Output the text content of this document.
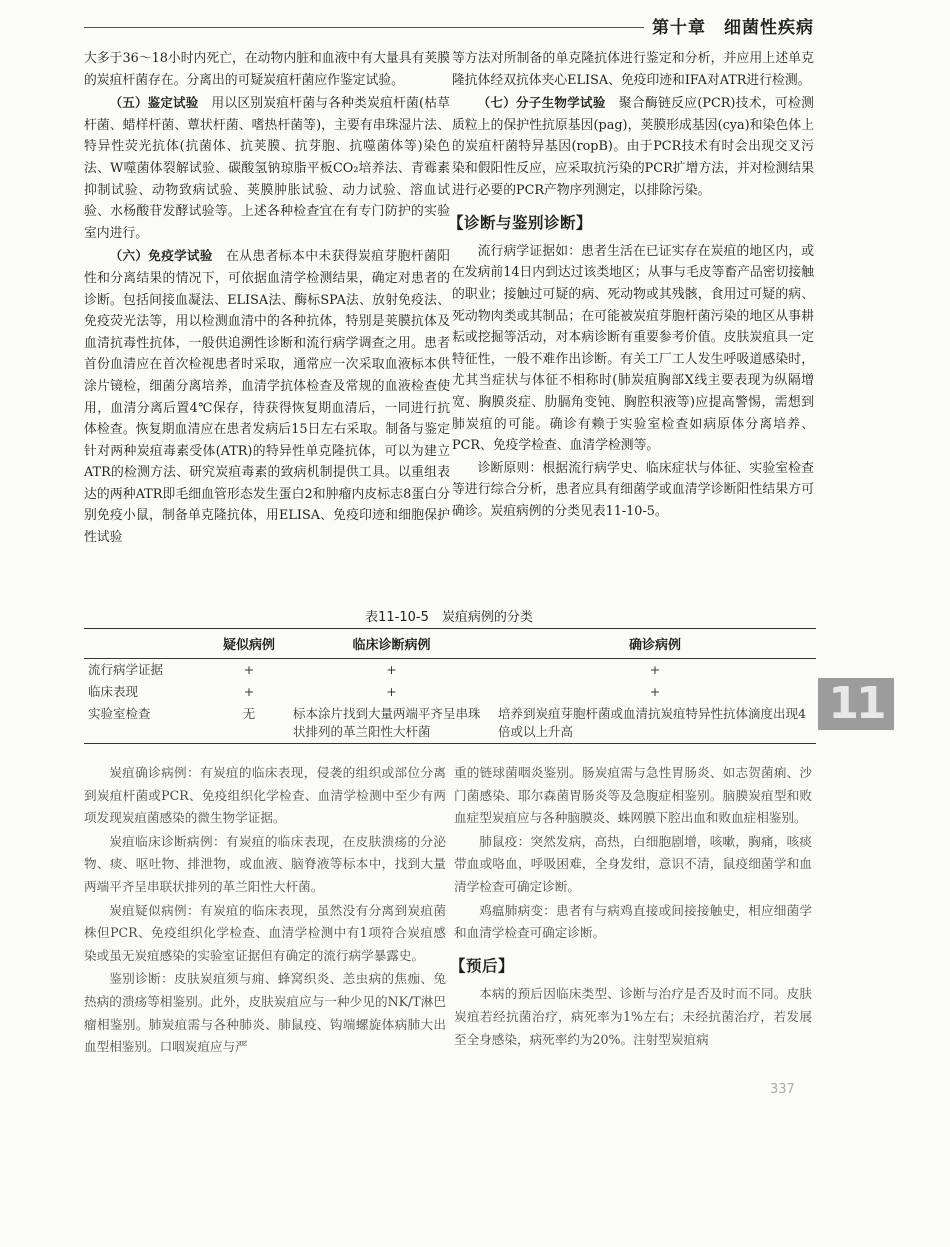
第十章　细菌性疾病

大多于36～18小时内死亡，在动物内脏和血液中有大量具有荚膜的炭疽杆菌存在。分离出的可疑炭疽杆菌应作鉴定试验。

（五）鉴定试验　用以区别炭疽杆菌与各种类炭疽杆菌(枯草杆菌、蜡样杆菌、蕈状杆菌、嗜热杆菌等)，主要有串珠湿片法、特异性荧光抗体(抗菌体、抗荚膜、抗芽胞、抗噬菌体等)染色法、W噬菌体裂解试验、碳酸氢钠琼脂平板CO₂培养法、青霉素抑制试验、动物致病试验、荚膜肿胀试验、动力试验、溶血试验、水杨酸苷发酵试验等。上述各种检查宜在有专门防护的实验室内进行。

（六）免疫学试验　在从患者标本中未获得炭疽芽胞杆菌阳性和分离结果的情况下，可依据血清学检测结果，确定对患者的诊断。包括间接血凝法、ELISA法、酶标SPA法、放射免疫法、免疫荧光法等，用以检测血清中的各种抗体，特别是荚膜抗体及血清抗毒性抗体，一般供追溯性诊断和流行病学调查之用。患者首份血清应在首次检视患者时采取，通常应一次采取血液标本供涂片镜检，细菌分离培养，血清学抗体检查及常规的血液检查使用，血清分离后置4℃保存，待获得恢复期血清后，一同进行抗体检查。恢复期血清应在患者发病后15日左右采取。制备与鉴定针对两种炭疽毒素受体(ATR)的特异性单克隆抗体，可以为建立ATR的检测方法、研究炭疽毒素的致病机制提供工具。以重组表达的两种ATR即毛细血管形态发生蛋白2和肿瘤内皮标志8蛋白分别免疫小鼠，制备单克隆抗体，用ELISA、免疫印迹和细胞保护性试验

等方法对所制备的单克隆抗体进行鉴定和分析，并应用上述单克隆抗体经双抗体夹心ELISA、免疫印迹和IFA对ATR进行检测。

（七）分子生物学试验　聚合酶链反应(PCR)技术，可检测质粒上的保护性抗原基因(pag)，荚膜形成基因(cya)和染色体上的炭疽杆菌特异基因(ropB)。由于PCR技术有时会出现交叉污染和假阳性反应，应采取抗污染的PCR扩增方法，并对检测结果进行必要的PCR产物序列测定，以排除污染。

【诊断与鉴别诊断】

流行病学证据如：患者生活在已证实存在炭疽的地区内，或在发病前14日内到达过该类地区；从事与毛皮等畜产品密切接触的职业；接触过可疑的病、死动物或其残骸，食用过可疑的病、死动物肉类或其制品；在可能被炭疽芽胞杆菌污染的地区从事耕耘或挖掘等活动，对本病诊断有重要参考价值。皮肤炭疽具一定特征性，一般不难作出诊断。有关工厂工人发生呼吸道感染时，尤其当症状与体征不相称时(肺炭疽胸部X线主要表现为纵隔增宽、胸膜炎症、肋膈角变钝、胸腔积液等)应提高警惕，需想到肺炭疽的可能。确诊有赖于实验室检查如病原体分离培养、PCR、免疫学检查、血清学检测等。

诊断原则：根据流行病学史、临床症状与体征、实验室检查等进行综合分析，患者应具有细菌学或血清学诊断阳性结果方可确诊。炭疽病例的分类见表11-10-5。

表11-10-5　炭疽病例的分类
	疑似病例	临床诊断病例	确诊病例
流行病学证据	+	+	+
临床表现	+	+	+
实验室检查	无	标本涂片找到大量两端平齐呈串珠状排列的革兰阳性大杆菌	培养到炭疽芽胞杆菌或血清抗炭疽特异性抗体滴度出现4倍或以上升高
11

炭疽确诊病例：有炭疽的临床表现，侵袭的组织或部位分离到炭疽杆菌或PCR、免疫组织化学检查、血清学检测中至少有两项发现炭疽菌感染的微生物学证据。

炭疽临床诊断病例：有炭疽的临床表现，在皮肤溃疡的分泌物、痰、呕吐物、排泄物，或血液、脑脊液等标本中，找到大量两端平齐呈串联状排列的革兰阳性大杆菌。

炭疽疑似病例：有炭疽的临床表现，虽然没有分离到炭疽菌株但PCR、免疫组织化学检查、血清学检测中有1项符合炭疽感染或虽无炭疽感染的实验室证据但有确定的流行病学暴露史。

鉴别诊断：皮肤炭疽须与痈、蜂窝织炎、恙虫病的焦痂、兔热病的溃疡等相鉴别。此外，皮肤炭疽应与一种少见的NK/T淋巴瘤相鉴别。肺炭疽需与各种肺炎、肺鼠疫、钩端螺旋体病肺大出血型相鉴别。口咽炭疽应与严

重的链球菌咽炎鉴别。肠炭疽需与急性胃肠炎、如志贺菌痢、沙门菌感染、耶尔森菌胃肠炎等及急腹症相鉴别。脑膜炭疽型和败血症型炭疽应与各种脑膜炎、蛛网膜下腔出血和败血症相鉴别。

肺鼠疫：突然发病，高热，白细胞剧增，咳嗽，胸痛，咳痰带血或咯血，呼吸困难，全身发绀，意识不清，鼠疫细菌学和血清学检查可确定诊断。

鸡瘟肺病变：患者有与病鸡直接或间接接触史，相应细菌学和血清学检查可确定诊断。

【预后】

本病的预后因临床类型、诊断与治疗是否及时而不同。皮肤炭疽若经抗菌治疗，病死率为1%左右；未经抗菌治疗，若发展至全身感染，病死率约为20%。注射型炭疽病

337
